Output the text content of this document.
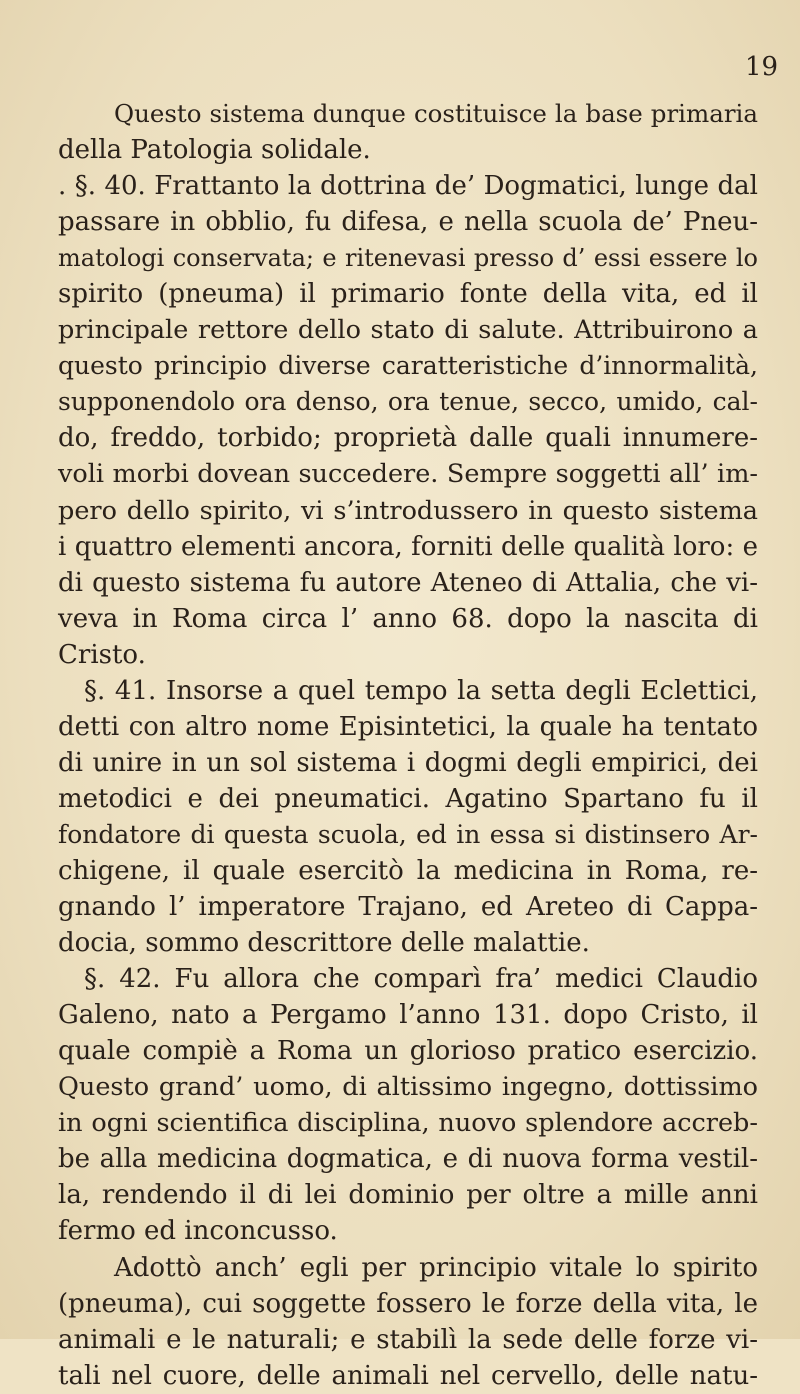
19
Questo sistema dunque costituisce la base primaria
della Patologia solidale.
. §. 40. Frattanto la dottrina de’ Dogmatici, lunge dal
passare in obblio, fu difesa, e nella scuola de’ Pneu-
matologi conservata; e ritenevasi presso d’ essi essere lo
spirito (pneuma) il primario fonte della vita, ed il
principale rettore dello stato di salute. Attribuirono a
questo principio diverse caratteristiche d’innormalità,
supponendolo ora denso, ora tenue, secco, umido, cal-
do, freddo, torbido; proprietà dalle quali innumere-
voli morbi dovean succedere. Sempre soggetti all’ im-
pero dello spirito, vi s’introdussero in questo sistema
i quattro elementi ancora, forniti delle qualità loro: e
di questo sistema fu autore Ateneo di Attalia, che vi-
veva in Roma circa l’ anno 68. dopo la nascita di
Cristo.
§. 41. Insorse a quel tempo la setta degli Eclettici,
detti con altro nome Episintetici, la quale ha tentato
di unire in un sol sistema i dogmi degli empirici, dei
metodici e dei pneumatici. Agatino Spartano fu il
fondatore di questa scuola, ed in essa si distinsero Ar-
chigene, il quale esercitò la medicina in Roma, re-
gnando l’ imperatore Trajano, ed Areteo di Cappa-
docia, sommo descrittore delle malattie.
§. 42. Fu allora che comparì fra’ medici Claudio
Galeno, nato a Pergamo l’anno 131. dopo Cristo, il
quale compiè a Roma un glorioso pratico esercizio.
Questo grand’ uomo, di altissimo ingegno, dottissimo
in ogni scientifica disciplina, nuovo splendore accreb-
be alla medicina dogmatica, e di nuova forma vestil-
la, rendendo il di lei dominio per oltre a mille anni
fermo ed inconcusso.
Adottò anch’ egli per principio vitale lo spirito
(pneuma), cui soggette fossero le forze della vita, le
animali e le naturali; e stabilì la sede delle forze vi-
tali nel cuore, delle animali nel cervello, delle natu-
